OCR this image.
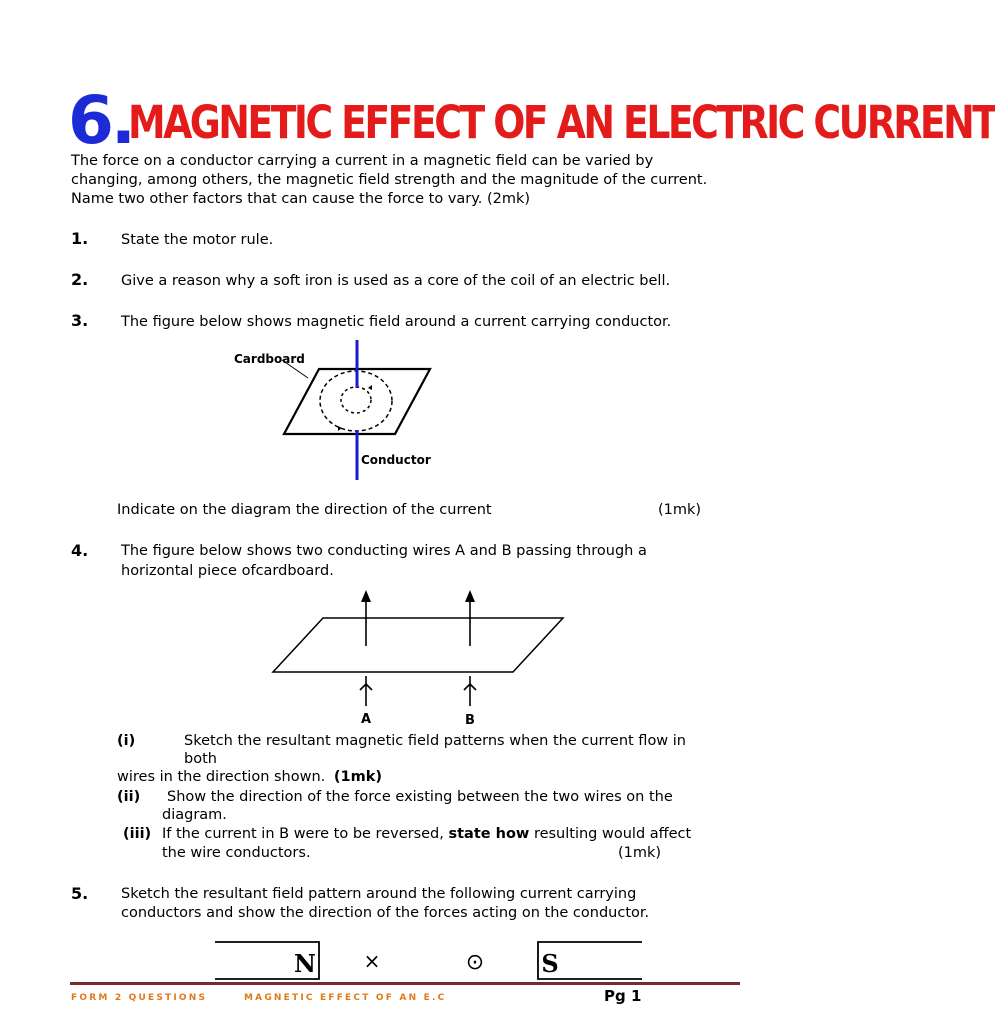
6.
MAGNETIC EFFECT OF AN ELECTRIC CURRENT
The force on a conductor carrying a current in a magnetic field can be varied by
changing, among others, the magnetic field strength and the magnitude of the current.
Name two other factors that can cause the force to vary. (2mk)
1. State the motor rule.
2. Give a reason why a soft iron is used as a core of the coil of an electric bell.
3. The figure below shows magnetic field around a current carrying conductor.
Cardboard
Conductor
Indicate on the diagram the direction of the current	(1mk)
4. The figure below shows two conducting wires A and B passing through a
horizontal piece ofcardboard.
A	B
(i)	Sketch the resultant magnetic field patterns when the current flow in
both
wires in the direction shown. (1mk)
(ii) Show the direction of the force existing between the two wires on the
diagram.
(iii) If the current in B were to be reversed, state how resulting would affect
the wire conductors.	(1mk)
5. Sketch the resultant field pattern around the following current carrying
conductors and show the direction of the forces acting on the conductor.
N	S
×	⊙
FORM 2 QUESTIONS	MAGNETIC EFFECT OF AN E.C	Pg 1
